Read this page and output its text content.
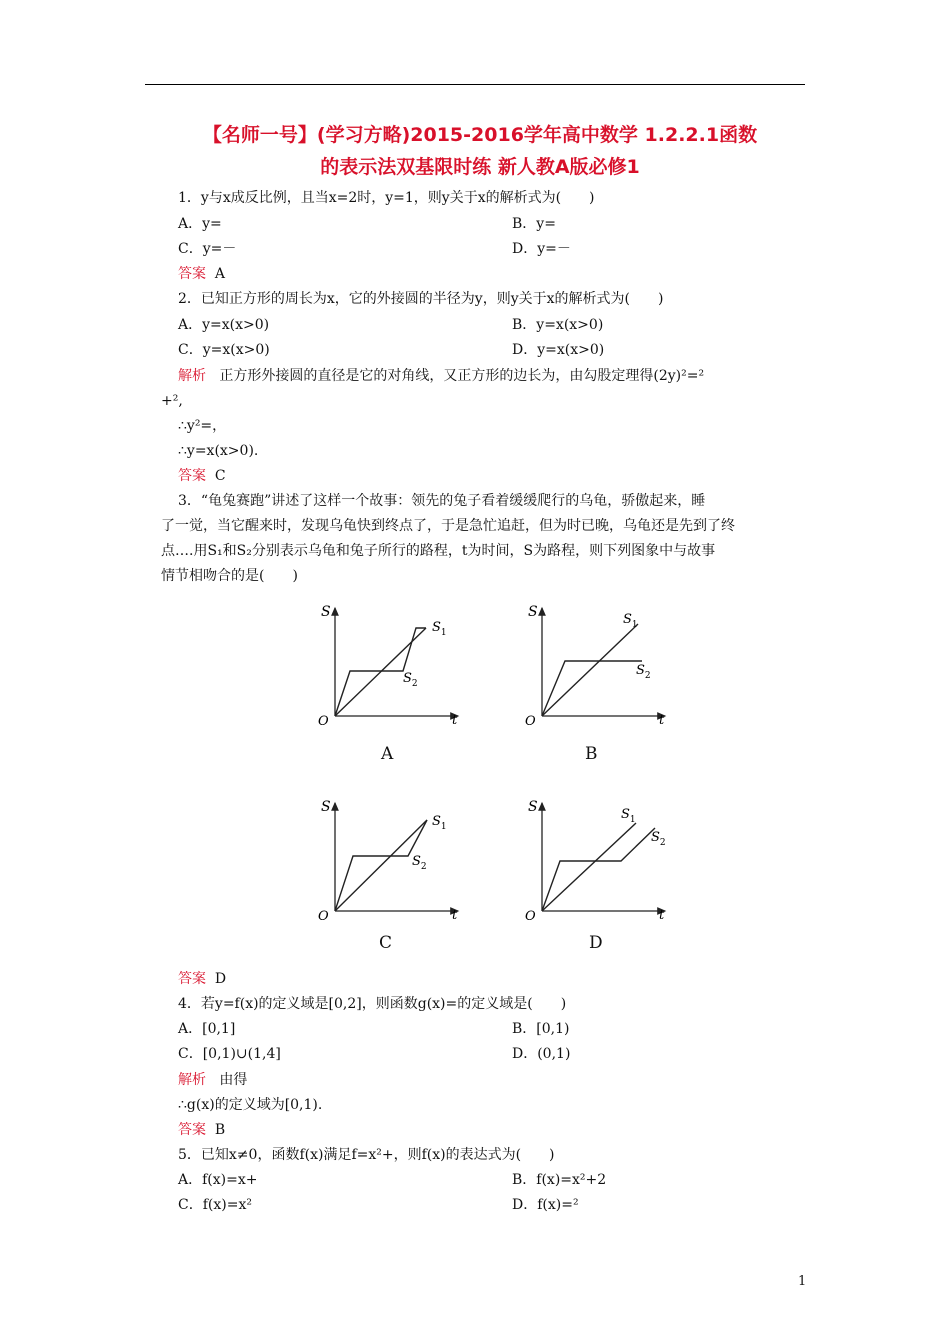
【名师一号】(学习方略)2015-2016学年高中数学 1.2.2.1函数
的表示法双基限时练 新人教A版必修1
1．y与x成反比例，且当x=2时，y=1，则y关于x的解析式为(　　)
A．y=	B．y=
C．y=－	D．y=－
答案 A
2．已知正方形的周长为x，它的外接圆的半径为y，则y关于x的解析式为(　　)
A．y=x(x>0)	B．y=x(x>0)
C．y=x(x>0)	D．y=x(x>0)
解析 正方形外接圆的直径是它的对角线，又正方形的边长为，由勾股定理得(2y)²=²
+²,
∴y²=，
∴y=x(x>0).
答案 C
3．“龟兔赛跑”讲述了这样一个故事：领先的兔子看着缓缓爬行的乌龟，骄傲起来，睡
了一觉，当它醒来时，发现乌龟快到终点了，于是急忙追赶，但为时已晚，乌龟还是先到了终
点….用S₁和S₂分别表示乌龟和兔子所行的路程，t为时间，S为路程，则下列图象中与故事
情节相吻合的是(　　)
S
t
O
$S_1$
$S_2$
A
S
t
O
$S_1$
$S_2$
B
S
t
O
$S_1$
$S_2$
C
S
t
O
$S_1$
$S_2$
D
答案 D
4．若y=f(x)的定义域是[0,2]，则函数g(x)=的定义域是(　　)
A．[0,1]	B．[0,1)
C．[0,1)∪(1,4]	D．(0,1)
解析 由得
∴g(x)的定义域为[0,1).
答案 B
5．已知x≠0，函数f(x)满足f=x²+，则f(x)的表达式为(　　)
A．f(x)=x+	B．f(x)=x²+2
C．f(x)=x²	D．f(x)=²
1
